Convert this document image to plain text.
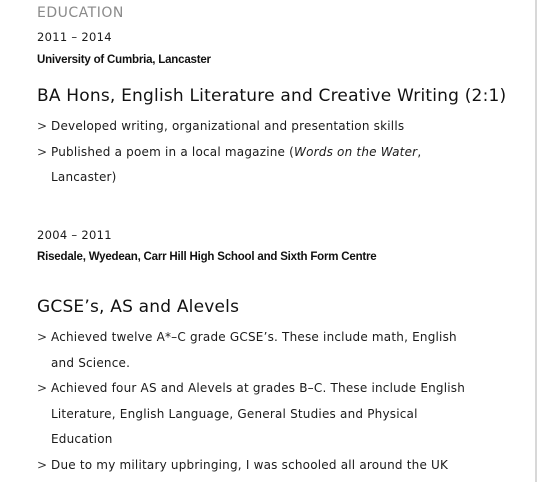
EDUCATION
2011 – 2014
University of Cumbria, Lancaster
BA Hons, English Literature and Creative Writing (2:1)
> Developed writing, organizational and presentation skills
> Published a poem in a local magazine (Words on the Water,
Lancaster)
2004 – 2011
Risedale, Wyedean, Carr Hill High School and Sixth Form Centre
GCSE’s, AS and Alevels
> Achieved twelve A*–C grade GCSE’s. These include math, English
and Science.
> Achieved four AS and Alevels at grades B–C. These include English
Literature, English Language, General Studies and Physical
Education
> Due to my military upbringing, I was schooled all around the UK
